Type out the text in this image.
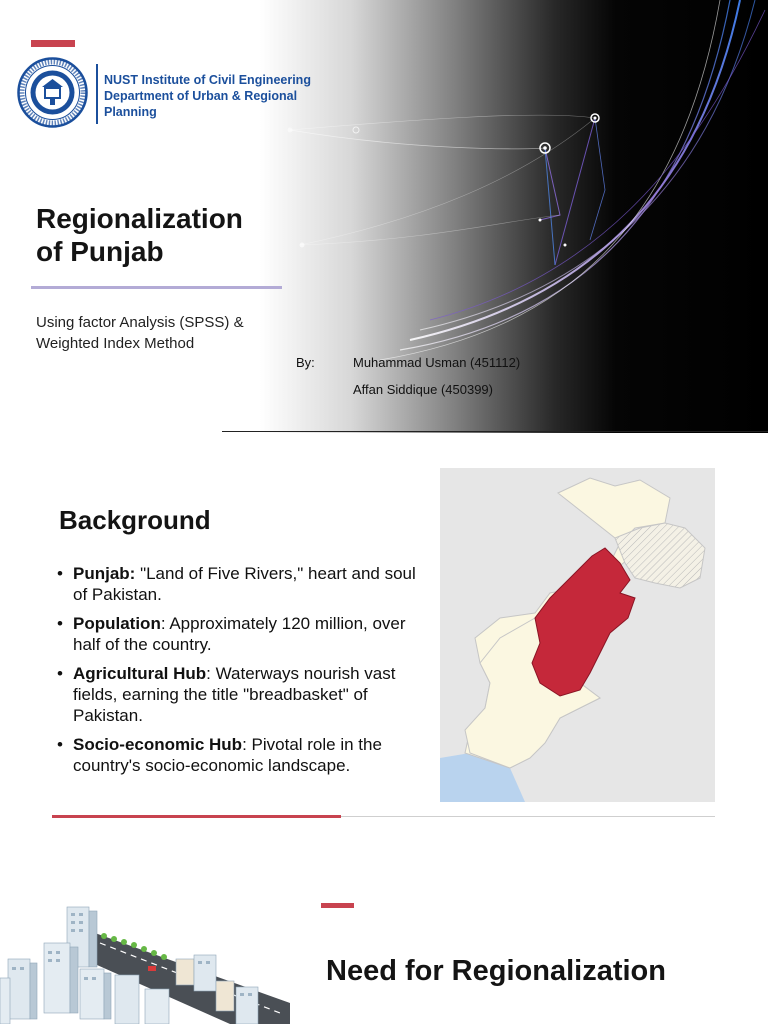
NUST Institute of Civil Engineering
Department of Urban & Regional
Planning
Regionalization
of Punjab
Using factor Analysis (SPSS) &
Weighted Index Method
By:	Muhammad Usman (451112)
Affan Siddique (450399)
Background
• Punjab: "Land of Five Rivers," heart and soul of Pakistan.
• Population: Approximately 120 million, over half of the country.
• Agricultural Hub: Waterways nourish vast fields, earning the title "breadbasket" of Pakistan.
• Socio-economic Hub: Pivotal role in the country's socio-economic landscape.
Need for Regionalization
